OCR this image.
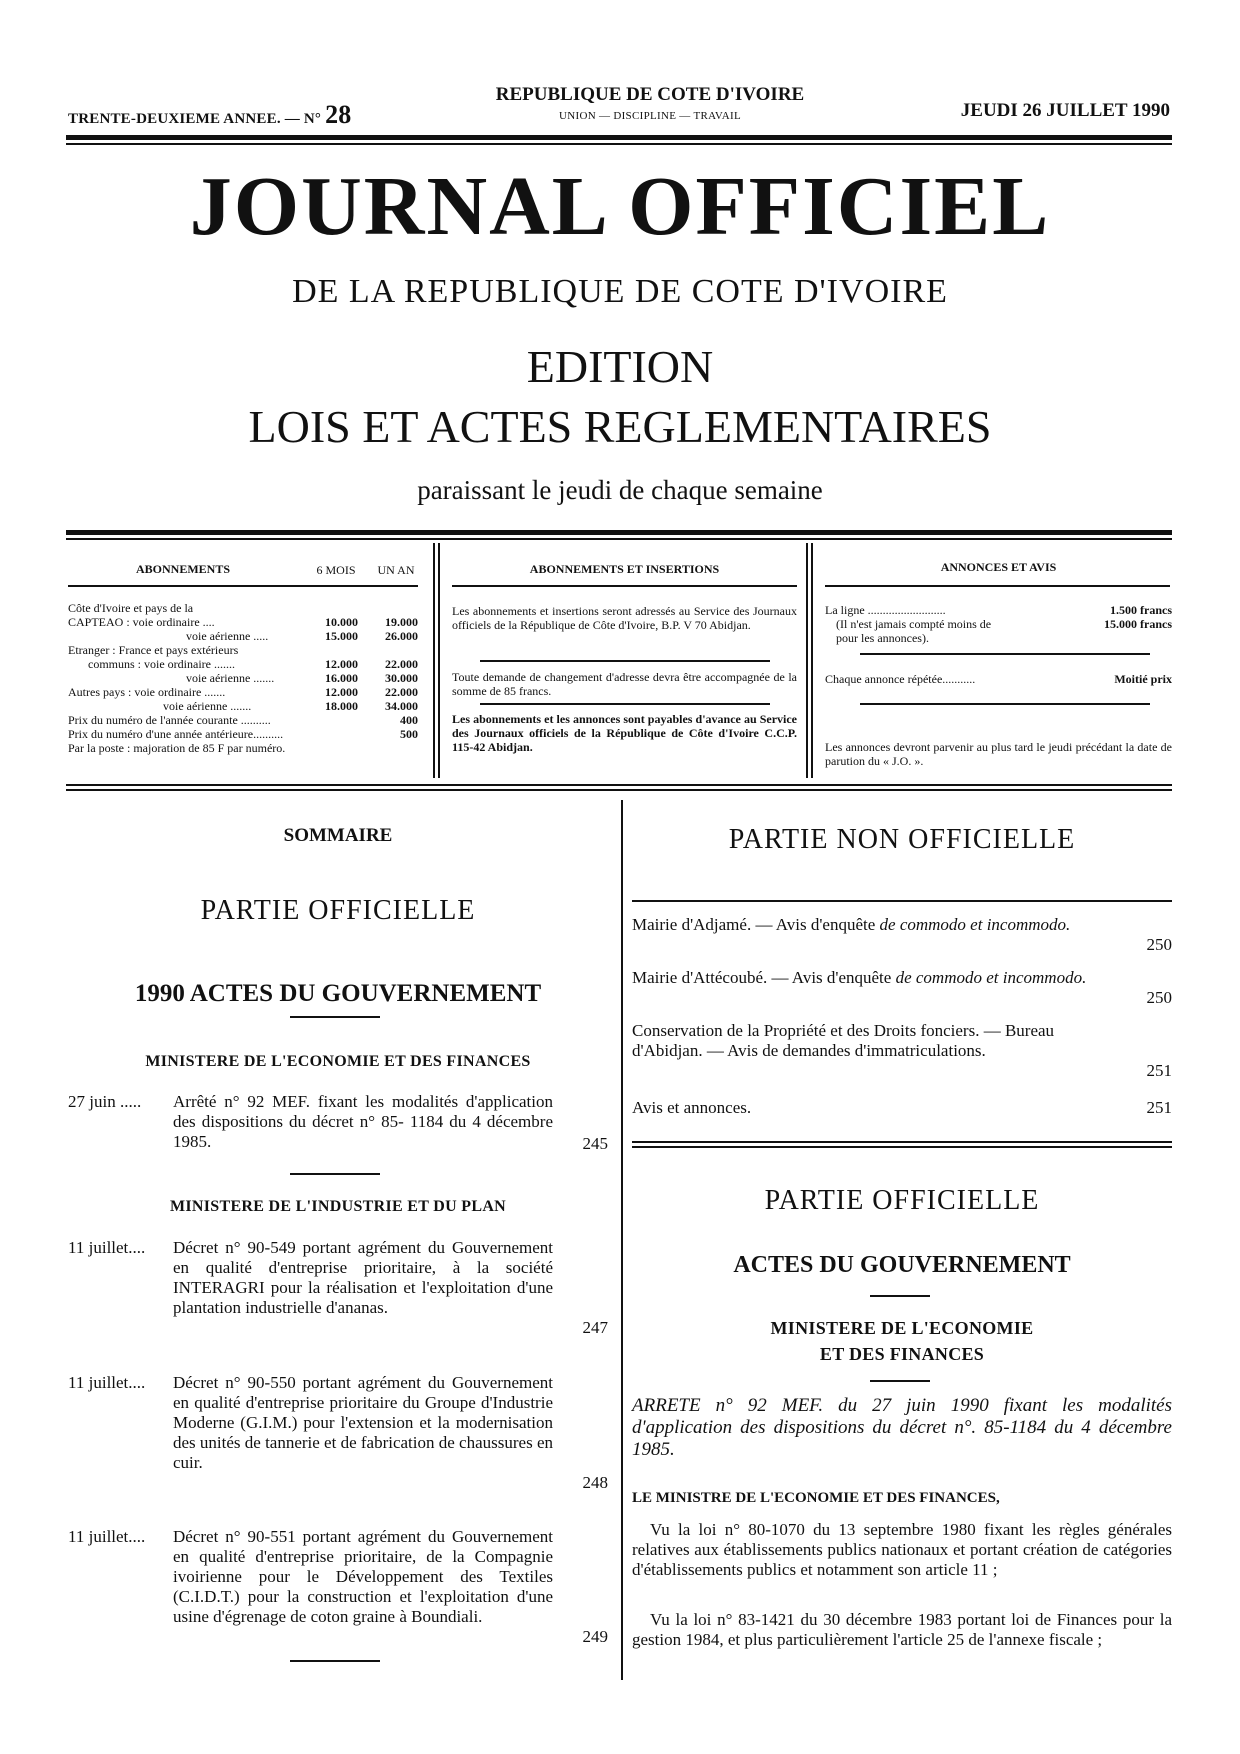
TRENTE-DEUXIEME ANNEE. — N° 28
REPUBLIQUE DE COTE D'IVOIRE
UNION — DISCIPLINE — TRAVAIL	JEUDI 26 JUILLET 1990
JOURNAL OFFICIEL
DE LA REPUBLIQUE DE COTE D'IVOIRE
EDITION
LOIS ET ACTES REGLEMENTAIRES
paraissant le jeudi de chaque semaine
ABONNEMENTS	6 MOIS	UN AN
Côte d'Ivoire et pays de la
CAPTEAO : voie ordinaire ....	10.000	19.000
voie aérienne .....	15.000	26.000
Etranger : France et pays extérieurs
communs : voie ordinaire .......	12.000	22.000
voie aérienne .......	16.000	30.000
Autres pays : voie ordinaire .......	12.000	22.000
voie aérienne .......	18.000	34.000
Prix du numéro de l'année courante ..........	400
Prix du numéro d'une année antérieure..........	500
Par la poste : majoration de 85 F par numéro.
ABONNEMENTS ET INSERTIONS
Les abonnements et insertions seront adressés au Service des Journaux officiels de la République de Côte d'Ivoire, B.P. V 70 Abidjan.
Toute demande de changement d'adresse devra être accompagnée de la somme de 85 francs.
Les abonnements et les annonces sont payables d'avance au Service des Journaux officiels de la République de Côte d'Ivoire C.C.P. 115-42 Abidjan.
ANNONCES ET AVIS
La ligne ..........................	1.500 francs
(Il n'est jamais compté moins de
pour les annonces).
15.000 francs
Chaque annonce répétée...........	Moitié prix
Les annonces devront parvenir au plus tard le jeudi précédant la date de parution du « J.O. ».
SOMMAIRE
PARTIE OFFICIELLE
1990 ACTES DU GOUVERNEMENT
MINISTERE DE L'ECONOMIE ET DES FINANCES
27 juin ..... Arrêté n° 92 MEF. fixant les modalités d'application des dispositions du décret n° 85- 1184 du 4 décembre 1985.	245
MINISTERE DE L'INDUSTRIE ET DU PLAN
11 juillet.... Décret n° 90-549 portant agrément du Gouvernement en qualité d'entreprise prioritaire, à la société INTERAGRI pour la réalisation et l'exploitation d'une plantation industrielle d'ananas.
247
11 juillet.... Décret n° 90-550 portant agrément du Gouvernement en qualité d'entreprise prioritaire du Groupe d'Industrie Moderne (G.I.M.) pour l'extension et la modernisation des unités de tannerie et de fabrication de chaussures en cuir.
248
11 juillet.... Décret n° 90-551 portant agrément du Gouvernement en qualité d'entreprise prioritaire, de la Compagnie ivoirienne pour le Développement des Textiles (C.I.D.T.) pour la construction et l'exploitation d'une usine d'égrenage de coton graine à Boundiali.
249
PARTIE NON OFFICIELLE
Mairie d'Adjamé. — Avis d'enquête de commodo et incommodo.
250
Mairie d'Attécoubé. — Avis d'enquête de commodo et incommodo.
250
Conservation de la Propriété et des Droits fonciers. — Bureau d'Abidjan. — Avis de demandes d'immatriculations.
251
Avis et annonces.	251
PARTIE OFFICIELLE
ACTES DU GOUVERNEMENT
MINISTERE DE L'ECONOMIE
ET DES FINANCES
ARRETE n° 92 MEF. du 27 juin 1990 fixant les modalités d'application des dispositions du décret n°. 85-1184 du 4 décembre 1985.
LE MINISTRE DE L'ECONOMIE ET DES FINANCES,
Vu la loi n° 80-1070 du 13 septembre 1980 fixant les règles générales relatives aux établissements publics nationaux et portant création de catégories d'établissements publics et notamment son article 11 ;
Vu la loi n° 83-1421 du 30 décembre 1983 portant loi de Finances pour la gestion 1984, et plus particulièrement l'article 25 de l'annexe fiscale ;
